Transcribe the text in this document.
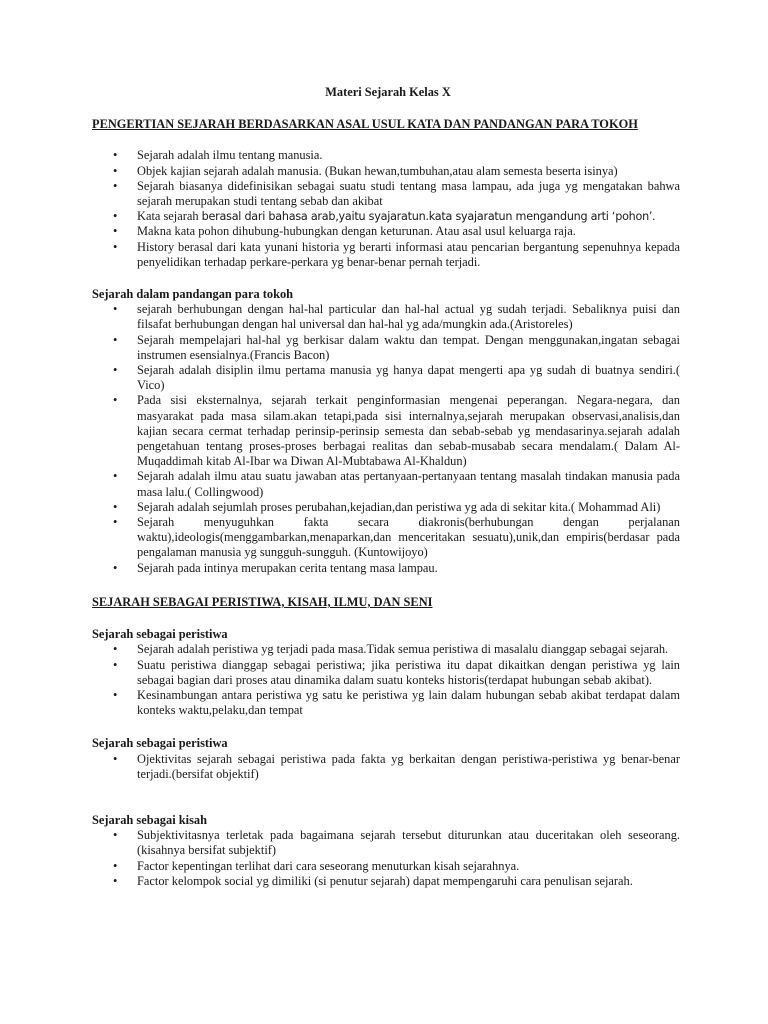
Materi Sejarah Kelas X
PENGERTIAN SEJARAH BERDASARKAN ASAL USUL KATA DAN PANDANGAN PARA TOKOH
• Sejarah adalah ilmu tentang manusia.
• Objek kajian sejarah adalah manusia. (Bukan hewan,tumbuhan,atau alam semesta beserta isinya)
• Sejarah biasanya didefinisikan sebagai suatu studi tentang masa lampau, ada juga yg mengatakan bahwa sejarah merupakan studi tentang sebab dan akibat
• Kata sejarah berasal dari bahasa arab,yaitu syajaratun.kata syajaratun mengandung arti ‘pohon’.
• Makna kata pohon dihubung-hubungkan dengan keturunan. Atau asal usul keluarga raja.
• History berasal dari kata yunani historia yg berarti informasi atau pencarian bergantung sepenuhnya kepada penyelidikan terhadap perkare-perkara yg benar-benar pernah terjadi.
Sejarah dalam pandangan para tokoh
• sejarah berhubungan dengan hal-hal particular dan hal-hal actual yg sudah terjadi. Sebaliknya puisi dan filsafat berhubungan dengan hal universal dan hal-hal yg ada/mungkin ada.(Aristoreles)
• Sejarah mempelajari hal-hal yg berkisar dalam waktu dan tempat. Dengan menggunakan,ingatan sebagai instrumen esensialnya.(Francis Bacon)
• Sejarah adalah disiplin ilmu pertama manusia yg hanya dapat mengerti apa yg sudah di buatnya sendiri.( Vico)
• Pada sisi eksternalnya, sejarah terkait penginformasian mengenai peperangan. Negara-negara, dan masyarakat pada masa silam.akan tetapi,pada sisi internalnya,sejarah merupakan observasi,analisis,dan kajian secara cermat terhadap perinsip-perinsip semesta dan sebab-sebab yg mendasarinya.sejarah adalah pengetahuan tentang proses-proses berbagai realitas dan sebab-musabab secara mendalam.( Dalam Al-Muqaddimah kitab Al-Ibar wa Diwan Al-Mubtabawa Al-Khaldun)
• Sejarah adalah ilmu atau suatu jawaban atas pertanyaan-pertanyaan tentang masalah tindakan manusia pada masa lalu.( Collingwood)
• Sejarah adalah sejumlah proses perubahan,kejadian,dan peristiwa yg ada di sekitar kita.( Mohammad Ali)
• Sejarah menyuguhkan fakta secara diakronis(berhubungan dengan perjalanan waktu),ideologis(menggambarkan,menaparkan,dan menceritakan sesuatu),unik,dan empiris(berdasar pada pengalaman manusia yg sungguh-sungguh. (Kuntowijoyo)
• Sejarah pada intinya merupakan cerita tentang masa lampau.
SEJARAH SEBAGAI PERISTIWA, KISAH, ILMU, DAN SENI
Sejarah sebagai peristiwa
• Sejarah adalah peristiwa yg terjadi pada masa.Tidak semua peristiwa di masalalu dianggap sebagai sejarah.
• Suatu peristiwa dianggap sebagai peristiwa; jika peristiwa itu dapat dikaitkan dengan peristiwa yg lain sebagai bagian dari proses atau dinamika dalam suatu konteks historis(terdapat hubungan sebab akibat).
• Kesinambungan antara peristiwa yg satu ke peristiwa yg lain dalam hubungan sebab akibat terdapat dalam konteks waktu,pelaku,dan tempat
Sejarah sebagai peristiwa
• Ojektivitas sejarah sebagai peristiwa pada fakta yg berkaitan dengan peristiwa-peristiwa yg benar-benar terjadi.(bersifat objektif)
Sejarah sebagai kisah
• Subjektivitasnya terletak pada bagaimana sejarah tersebut diturunkan atau duceritakan oleh seseorang.(kisahnya bersifat subjektif)
• Factor kepentingan terlihat dari cara seseorang menuturkan kisah sejarahnya.
• Factor kelompok social yg dimiliki (si penutur sejarah) dapat mempengaruhi cara penulisan sejarah.
